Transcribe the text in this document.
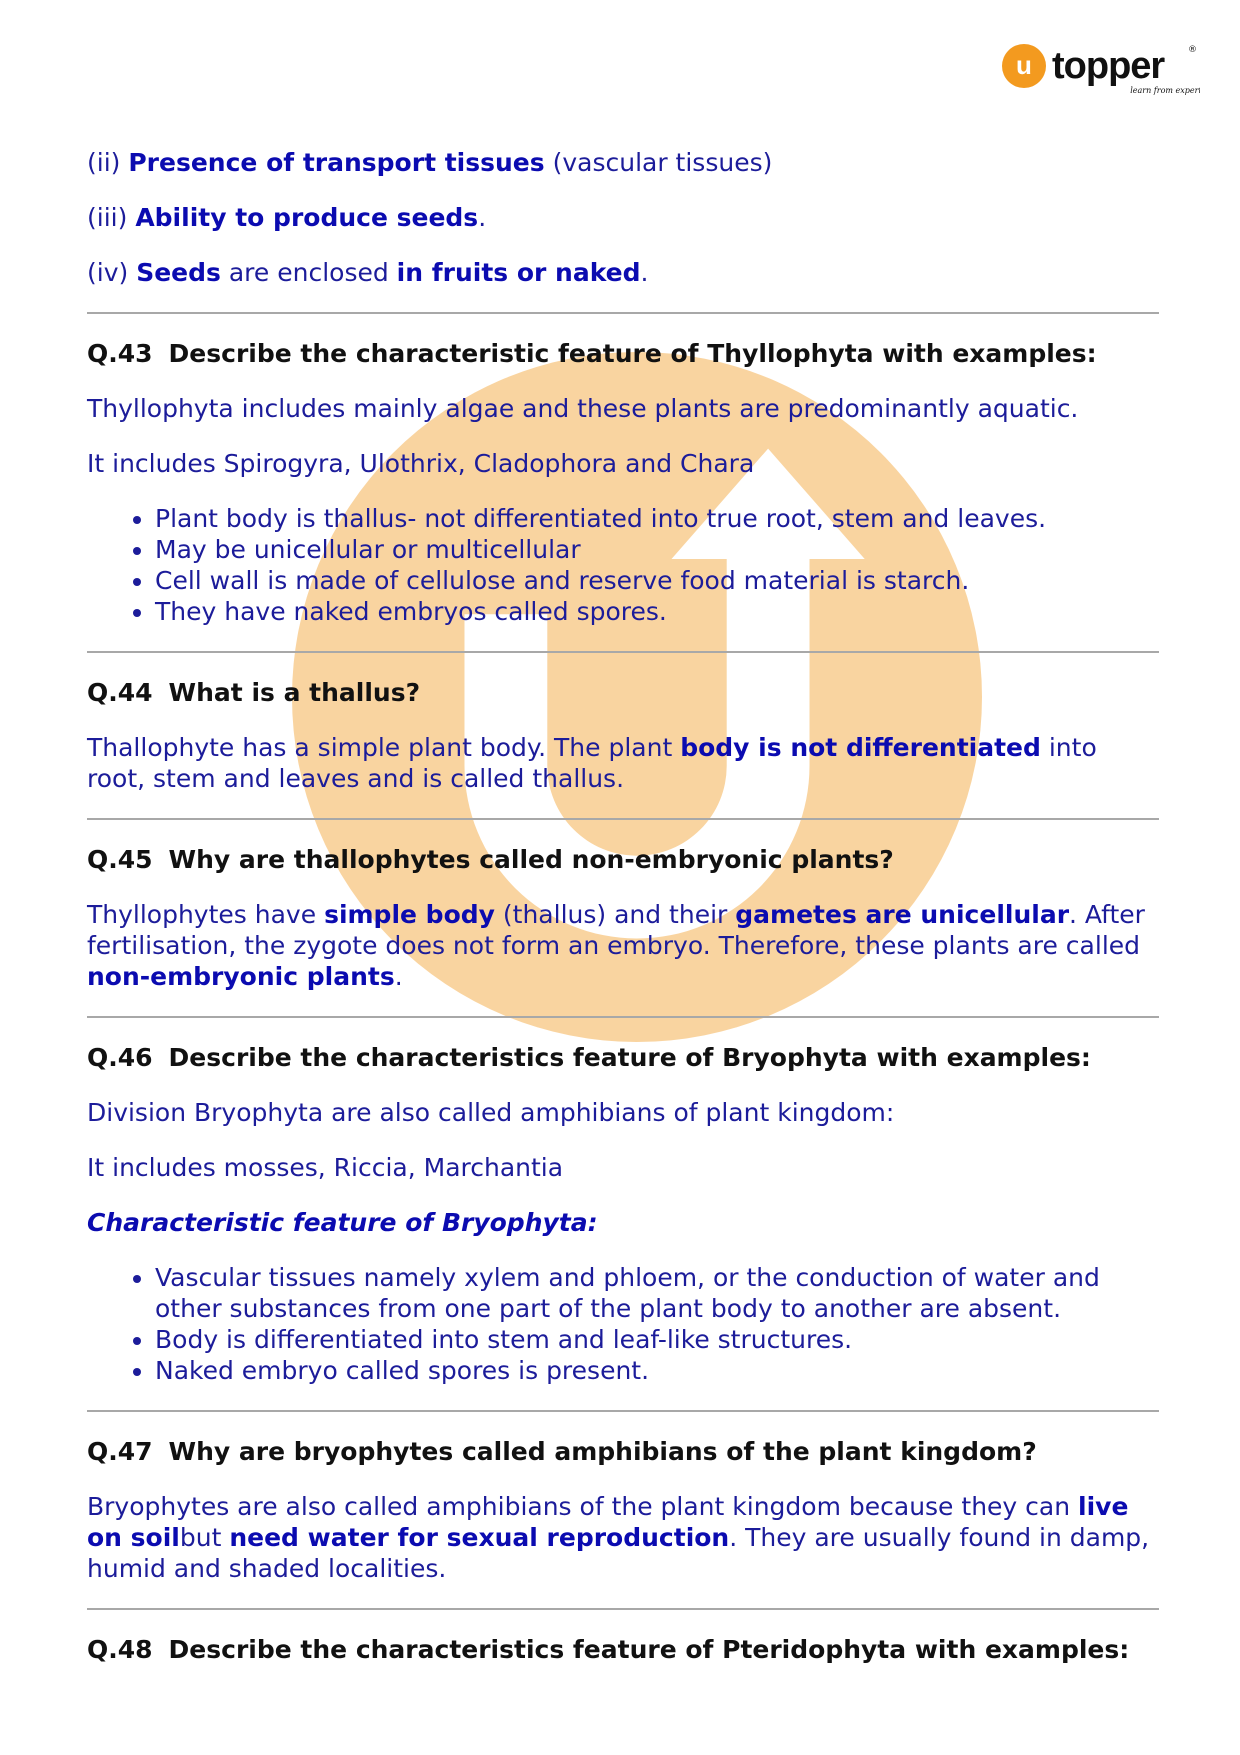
u topper	®
learn from experts

(ii) Presence of transport tissues (vascular tissues)

(iii) Ability to produce seeds.

(iv) Seeds are enclosed in fruits or naked.

Q.43 Describe the characteristic feature of Thyllophyta with examples:

Thyllophyta includes mainly algae and these plants are predominantly aquatic.

It includes Spirogyra, Ulothrix, Cladophora and Chara

• Plant body is thallus- not differentiated into true root, stem and leaves.
• May be unicellular or multicellular
• Cell wall is made of cellulose and reserve food material is starch.
• They have naked embryos called spores.

Q.44 What is a thallus?

Thallophyte has a simple plant body. The plant body is not differentiated into root, stem and leaves and is called thallus.

Q.45 Why are thallophytes called non-embryonic plants?

Thyllophytes have simple body (thallus) and their gametes are unicellular. After fertilisation, the zygote does not form an embryo. Therefore, these plants are called non-embryonic plants.

Q.46 Describe the characteristics feature of Bryophyta with examples:

Division Bryophyta are also called amphibians of plant kingdom:

It includes mosses, Riccia, Marchantia

Characteristic feature of Bryophyta:

• Vascular tissues namely xylem and phloem, or the conduction of water and other substances from one part of the plant body to another are absent.
• Body is differentiated into stem and leaf-like structures.
• Naked embryo called spores is present.

Q.47 Why are bryophytes called amphibians of the plant kingdom?

Bryophytes are also called amphibians of the plant kingdom because they can live on soilbut need water for sexual reproduction. They are usually found in damp, humid and shaded localities.

Q.48 Describe the characteristics feature of Pteridophyta with examples:
